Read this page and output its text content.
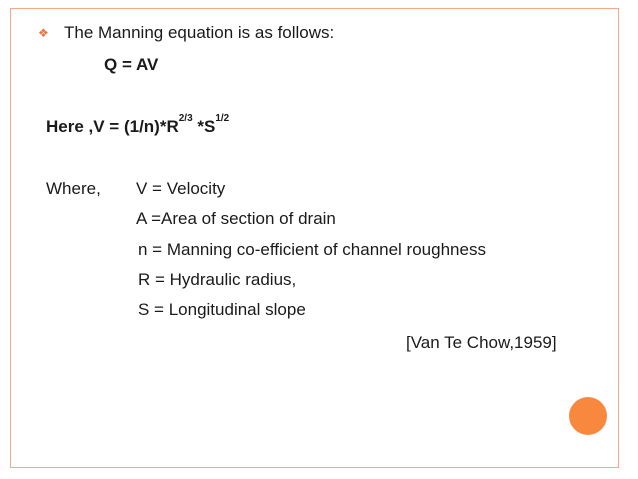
❖ The Manning equation is as follows:
Q = AV
Here $,V = (1/n)*R^{2/3}$ $*S^{1/2}$
Where, V = Velocity
A =Area of section of drain
n = Manning co-efficient of channel roughness
R = Hydraulic radius,
S = Longitudinal slope
[Van Te Chow,1959]
